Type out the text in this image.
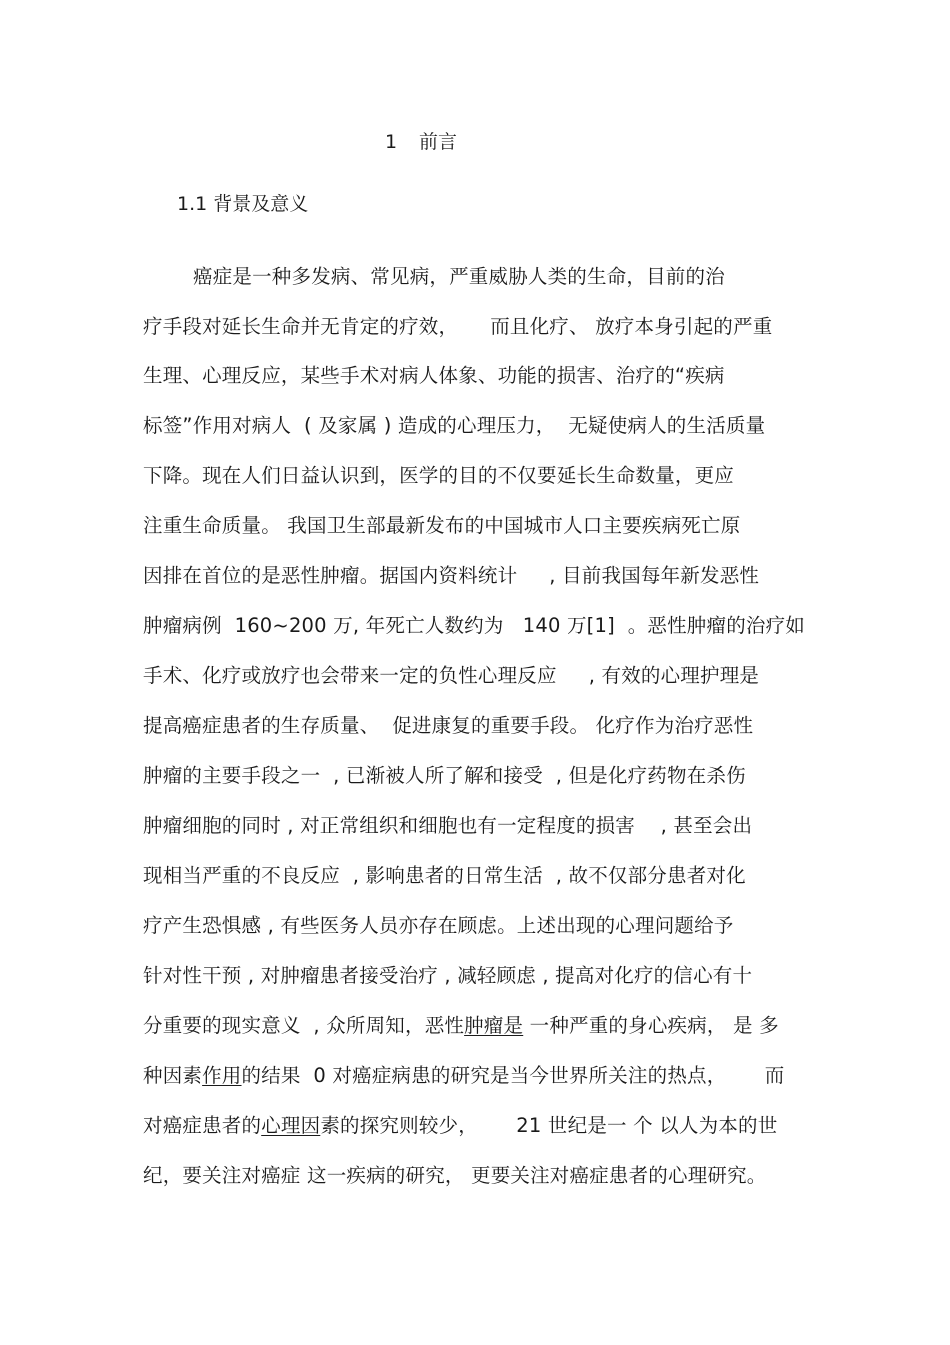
1 前言
1.1 背景及意义
癌症是一种多发病、常见病，严重威胁人类的生命，目前的治
疗手段对延长生命并无肯定的疗效，     而且化疗、 放疗本身引起的严重
生理、心理反应，某些手术对病人体象、功能的损害、治疗的“疾病
标签”作用对病人  ( 及家属 ) 造成的心理压力，  无疑使病人的生活质量
下降。现在人们日益认识到，医学的目的不仅要延长生命数量，更应
注重生命质量。 我国卫生部最新发布的中国城市人口主要疾病死亡原
因排在首位的是恶性肿瘤。据国内资料统计     , 目前我国每年新发恶性
肿瘤病例  160~200 万, 年死亡人数约为   140 万[1]  。恶性肿瘤的治疗如
手术、化疗或放疗也会带来一定的负性心理反应     , 有效的心理护理是
提高癌症患者的生存质量、  促进康复的重要手段。 化疗作为治疗恶性
肿瘤的主要手段之一  , 已渐被人所了解和接受  , 但是化疗药物在杀伤
肿瘤细胞的同时 , 对正常组织和细胞也有一定程度的损害    , 甚至会出
现相当严重的不良反应  , 影响患者的日常生活  , 故不仅部分患者对化
疗产生恐惧感 , 有些医务人员亦存在顾虑。上述出现的心理问题给予
针对性干预 , 对肿瘤患者接受治疗 , 减轻顾虑 , 提高对化疗的信心有十
分重要的现实意义  , 众所周知，恶性肿瘤是 一种严重的身心疾病， 是 多
种因素作用的结果  0 对癌症病患的研究是当今世界所关注的热点，      而
对癌症患者的心理因素的探究则较少，      21 世纪是一 个 以人为本的世
纪，要关注对癌症 这一疾病的研究， 更要关注对癌症患者的心理研究。
